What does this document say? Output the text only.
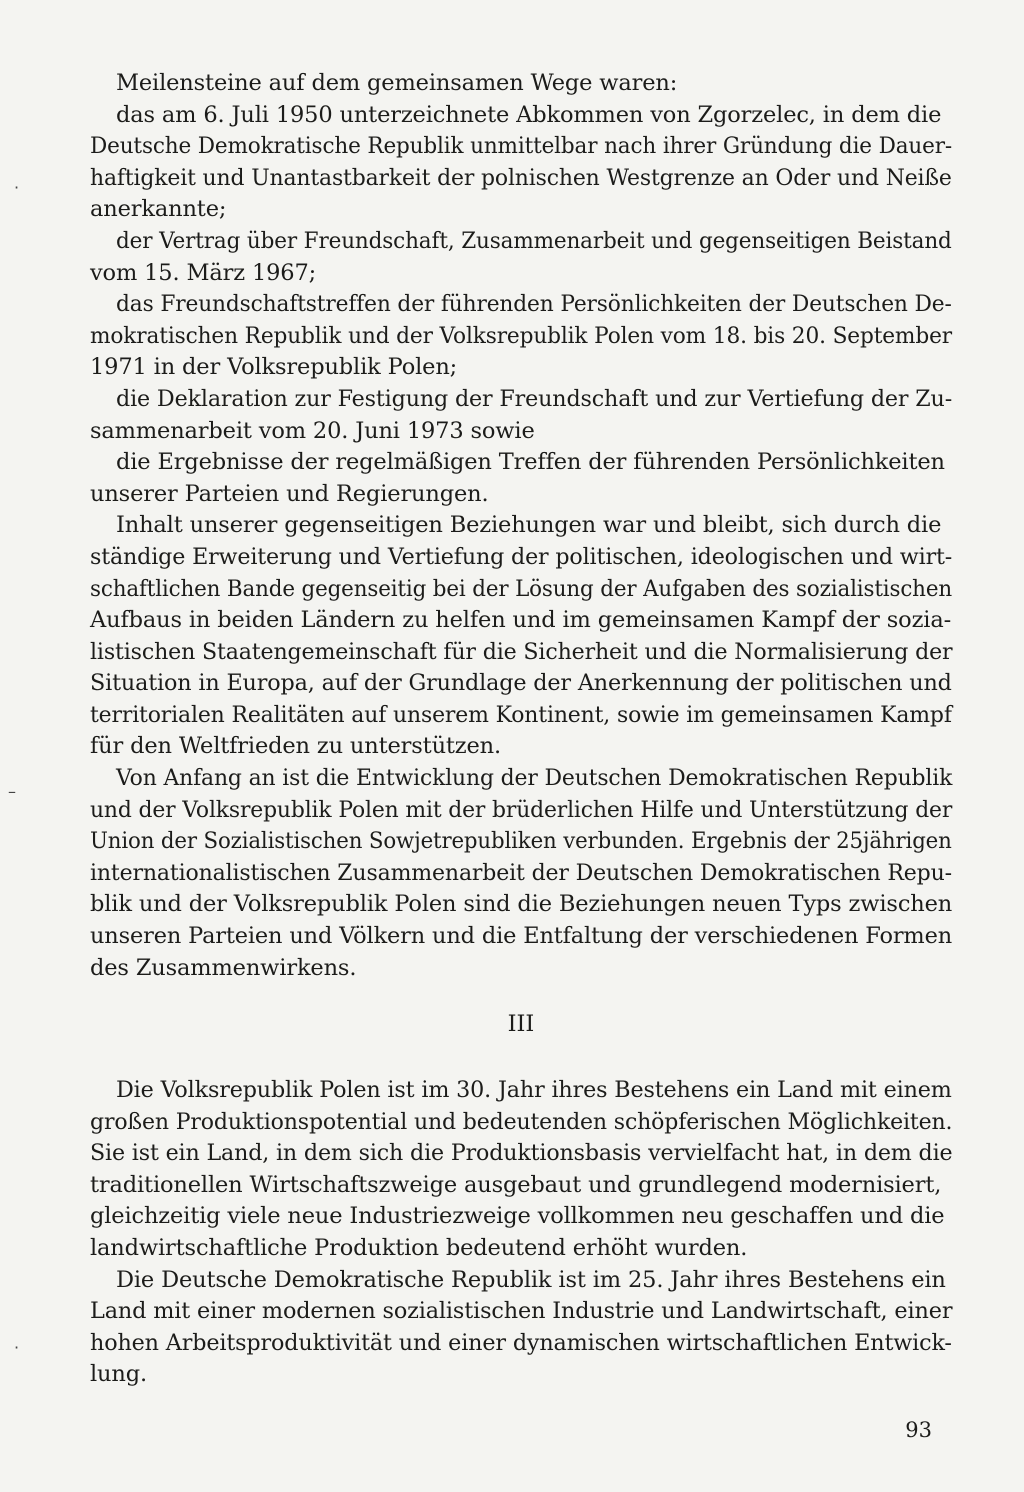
Meilensteine auf dem gemeinsamen Wege waren:
das am 6. Juli 1950 unterzeichnete Abkommen von Zgorzelec, in dem die
Deutsche Demokratische Republik unmittelbar nach ihrer Gründung die Dauer-
haftigkeit und Unantastbarkeit der polnischen Westgrenze an Oder und Neiße
anerkannte;
der Vertrag über Freundschaft, Zusammenarbeit und gegenseitigen Beistand
vom 15. März 1967;
das Freundschaftstreffen der führenden Persönlichkeiten der Deutschen De-
mokratischen Republik und der Volksrepublik Polen vom 18. bis 20. September
1971 in der Volksrepublik Polen;
die Deklaration zur Festigung der Freundschaft und zur Vertiefung der Zu-
sammenarbeit vom 20. Juni 1973 sowie
die Ergebnisse der regelmäßigen Treffen der führenden Persönlichkeiten
unserer Parteien und Regierungen.
Inhalt unserer gegenseitigen Beziehungen war und bleibt, sich durch die
ständige Erweiterung und Vertiefung der politischen, ideologischen und wirt-
schaftlichen Bande gegenseitig bei der Lösung der Aufgaben des sozialistischen
Aufbaus in beiden Ländern zu helfen und im gemeinsamen Kampf der sozia-
listischen Staatengemeinschaft für die Sicherheit und die Normalisierung der
Situation in Europa, auf der Grundlage der Anerkennung der politischen und
territorialen Realitäten auf unserem Kontinent, sowie im gemeinsamen Kampf
für den Weltfrieden zu unterstützen.
Von Anfang an ist die Entwicklung der Deutschen Demokratischen Republik
und der Volksrepublik Polen mit der brüderlichen Hilfe und Unterstützung der
Union der Sozialistischen Sowjetrepubliken verbunden. Ergebnis der 25jährigen
internationalistischen Zusammenarbeit der Deutschen Demokratischen Repu-
blik und der Volksrepublik Polen sind die Beziehungen neuen Typs zwischen
unseren Parteien und Völkern und die Entfaltung der verschiedenen Formen
des Zusammenwirkens.
III
Die Volksrepublik Polen ist im 30. Jahr ihres Bestehens ein Land mit einem
großen Produktionspotential und bedeutenden schöpferischen Möglichkeiten.
Sie ist ein Land, in dem sich die Produktionsbasis vervielfacht hat, in dem die
traditionellen Wirtschaftszweige ausgebaut und grundlegend modernisiert,
gleichzeitig viele neue Industriezweige vollkommen neu geschaffen und die
landwirtschaftliche Produktion bedeutend erhöht wurden.
Die Deutsche Demokratische Republik ist im 25. Jahr ihres Bestehens ein
Land mit einer modernen sozialistischen Industrie und Landwirtschaft, einer
hohen Arbeitsproduktivität und einer dynamischen wirtschaftlichen Entwick-
lung.
·
–
·
93
